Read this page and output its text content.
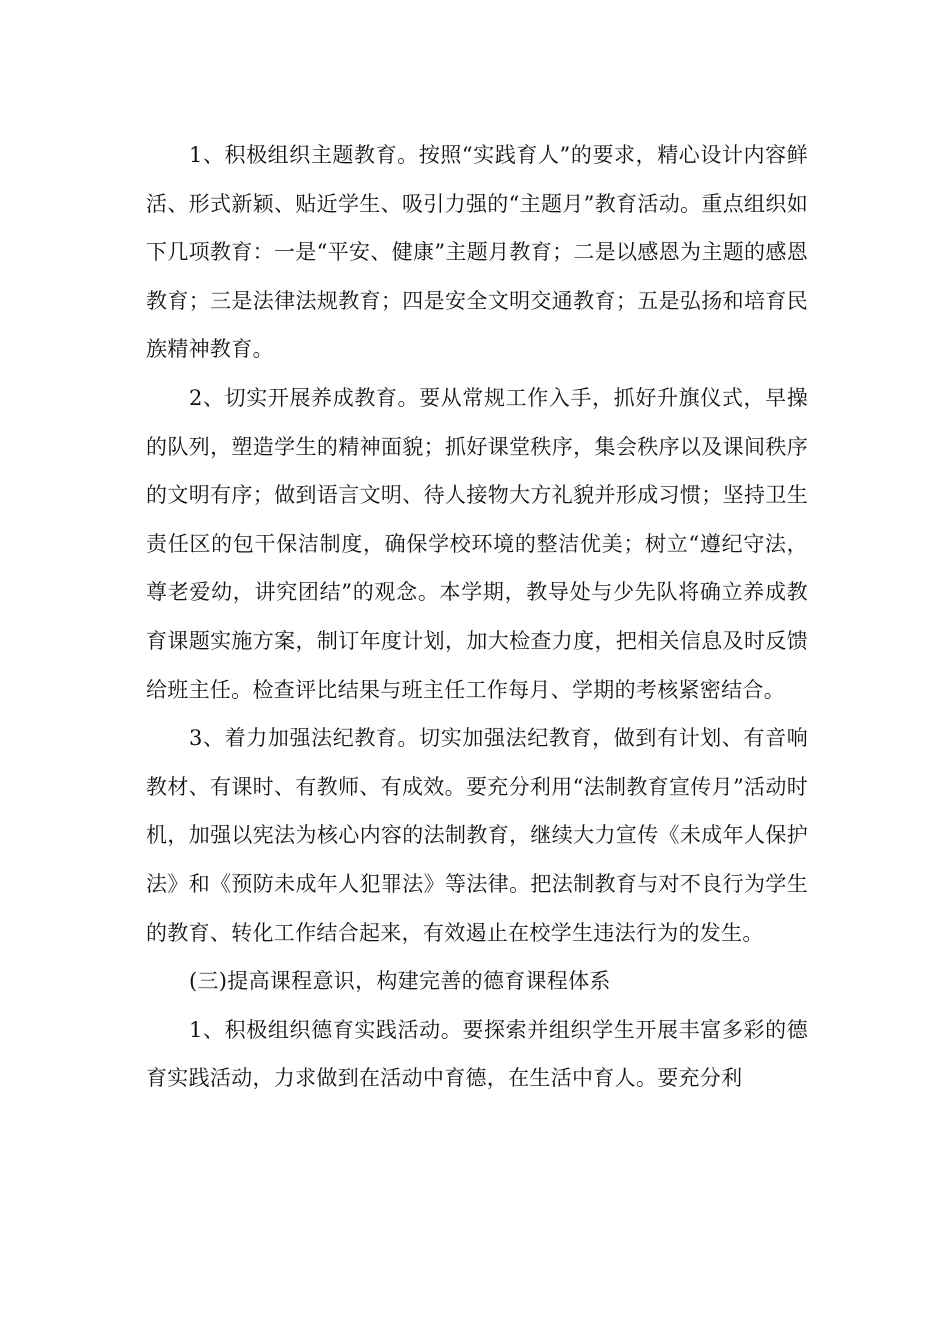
1、积极组织主题教育。按照“实践育人”的要求，精心设计内容鲜活、形式新颖、贴近学生、吸引力强的“主题月”教育活动。重点组织如下几项教育：一是“平安、健康”主题月教育；二是以感恩为主题的感恩教育；三是法律法规教育；四是安全文明交通教育；五是弘扬和培育民族精神教育。

2、切实开展养成教育。要从常规工作入手，抓好升旗仪式，早操的队列，塑造学生的精神面貌；抓好课堂秩序，集会秩序以及课间秩序的文明有序；做到语言文明、待人接物大方礼貌并形成习惯；坚持卫生责任区的包干保洁制度，确保学校环境的整洁优美；树立“遵纪守法，尊老爱幼，讲究团结”的观念。本学期，教导处与少先队将确立养成教育课题实施方案，制订年度计划，加大检查力度，把相关信息及时反馈给班主任。检查评比结果与班主任工作每月、学期的考核紧密结合。

3、着力加强法纪教育。切实加强法纪教育，做到有计划、有音响教材、有课时、有教师、有成效。要充分利用“法制教育宣传月”活动时机，加强以宪法为核心内容的法制教育，继续大力宣传《未成年人保护法》和《预防未成年人犯罪法》等法律。把法制教育与对不良行为学生的教育、转化工作结合起来，有效遏止在校学生违法行为的发生。

(三)提高课程意识，构建完善的德育课程体系

1、积极组织德育实践活动。要探索并组织学生开展丰富多彩的德育实践活动，力求做到在活动中育德，在生活中育人。要充分利
